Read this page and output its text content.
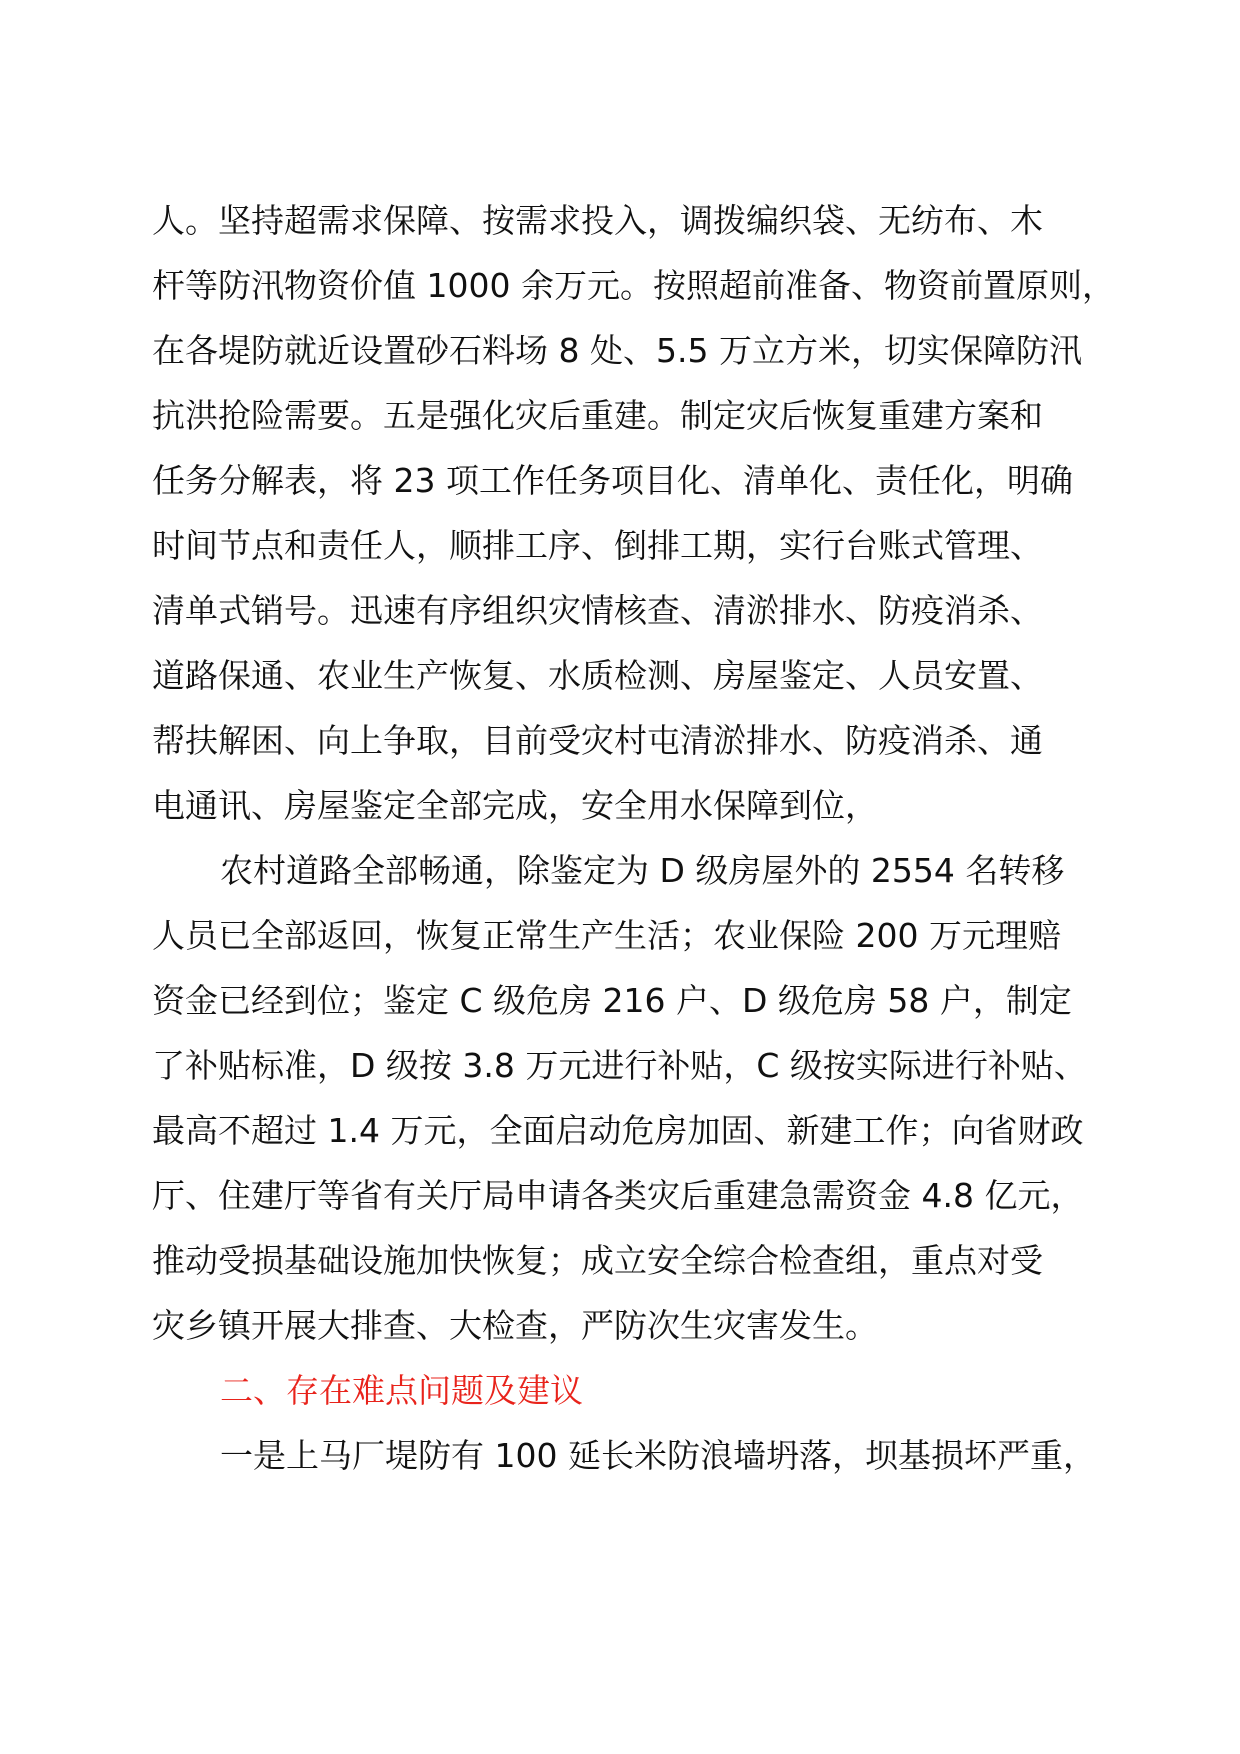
人。坚持超需求保障、按需求投入，调拨编织袋、无纺布、木
杆等防汛物资价值 1000 余万元。按照超前准备、物资前置原则，
在各堤防就近设置砂石料场 8 处、5.5 万立方米，切实保障防汛
抗洪抢险需要。五是强化灾后重建。制定灾后恢复重建方案和
任务分解表，将 23 项工作任务项目化、清单化、责任化，明确
时间节点和责任人，顺排工序、倒排工期，实行台账式管理、
清单式销号。迅速有序组织灾情核查、清淤排水、防疫消杀、
道路保通、农业生产恢复、水质检测、房屋鉴定、人员安置、
帮扶解困、向上争取，目前受灾村屯清淤排水、防疫消杀、通
电通讯、房屋鉴定全部完成，安全用水保障到位，
农村道路全部畅通，除鉴定为 D 级房屋外的 2554 名转移
人员已全部返回，恢复正常生产生活；农业保险 200 万元理赔
资金已经到位；鉴定 C 级危房 216 户、D 级危房 58 户，制定
了补贴标准，D 级按 3.8 万元进行补贴，C 级按实际进行补贴、
最高不超过 1.4 万元，全面启动危房加固、新建工作；向省财政
厅、住建厅等省有关厅局申请各类灾后重建急需资金 4.8 亿元，
推动受损基础设施加快恢复；成立安全综合检查组，重点对受
灾乡镇开展大排查、大检查，严防次生灾害发生。
二、存在难点问题及建议
一是上马厂堤防有 100 延长米防浪墙坍落，坝基损坏严重，
